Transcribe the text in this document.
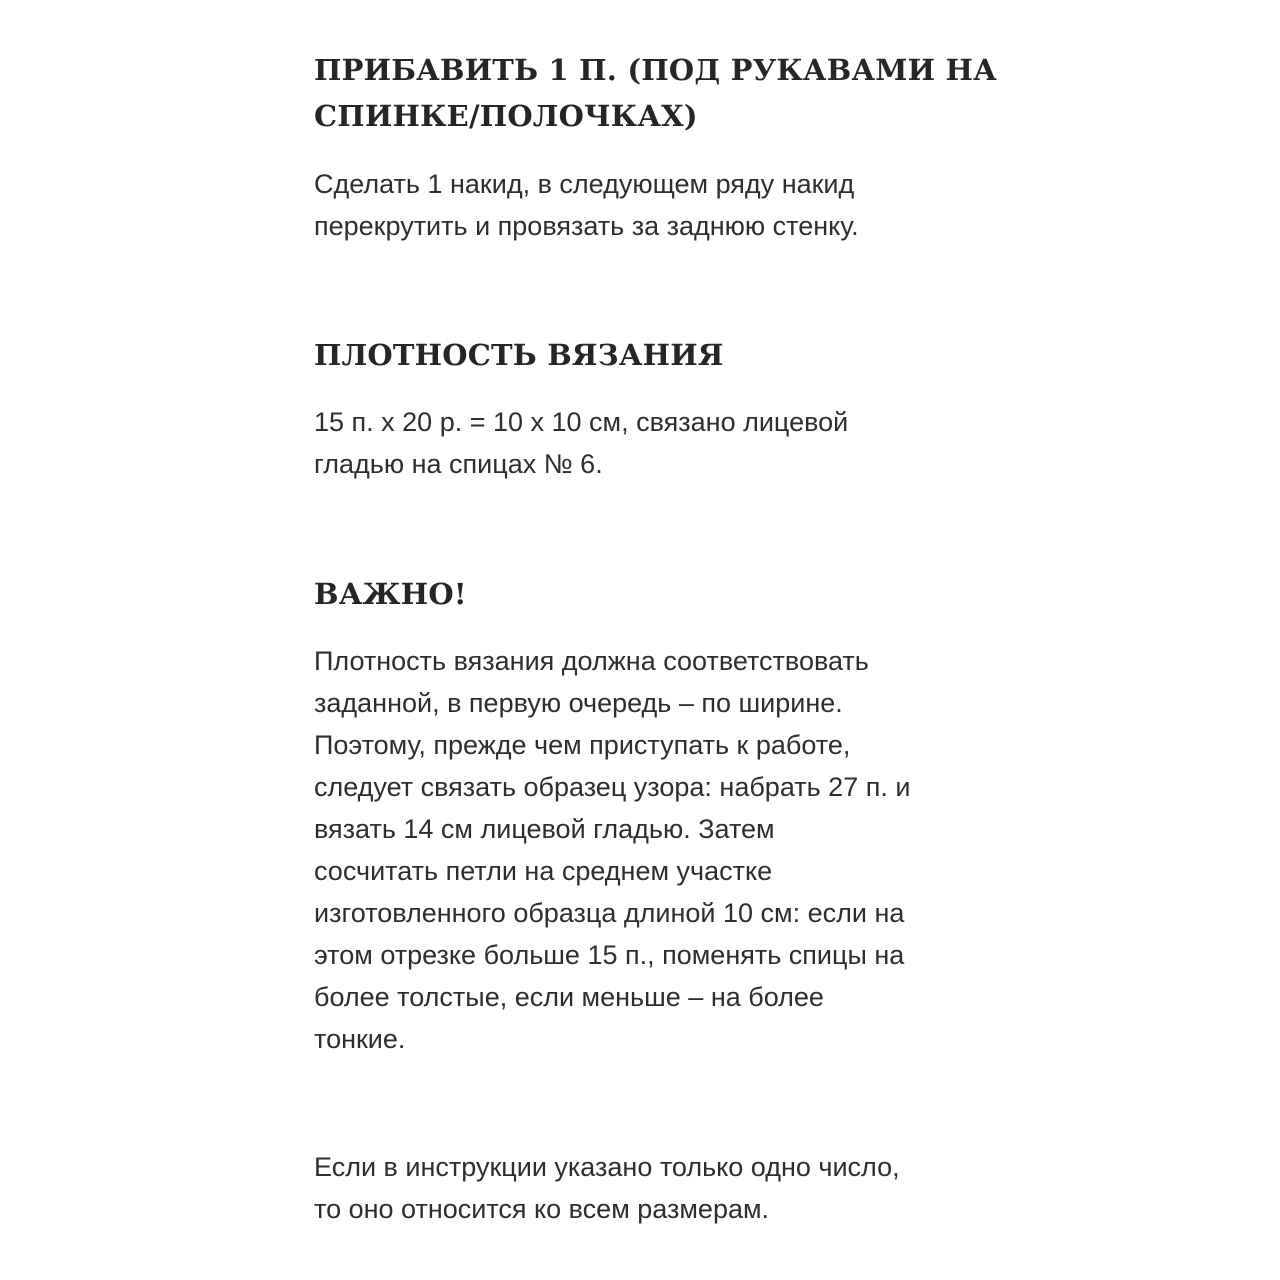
ПРИБАВИТЬ 1 П. (ПОД РУКАВАМИ НА
СПИНКЕ/ПОЛОЧКАХ)

Сделать 1 накид, в следующем ряду накид
перекрутить и провязать за заднюю стенку.

ПЛОТНОСТЬ ВЯЗАНИЯ

15 п. х 20 р. = 10 х 10 см, связано лицевой
гладью на спицах № 6.

ВАЖНО!

Плотность вязания должна соответствовать
заданной, в первую очередь – по ширине.
Поэтому, прежде чем приступать к работе,
следует связать образец узора: набрать 27 п. и
вязать 14 см лицевой гладью. Затем
сосчитать петли на среднем участке
изготовленного образца длиной 10 см: если на
этом отрезке больше 15 п., поменять спицы на
более толстые, если меньше – на более
тонкие.

Если в инструкции указано только одно число,
то оно относится ко всем размерам.
